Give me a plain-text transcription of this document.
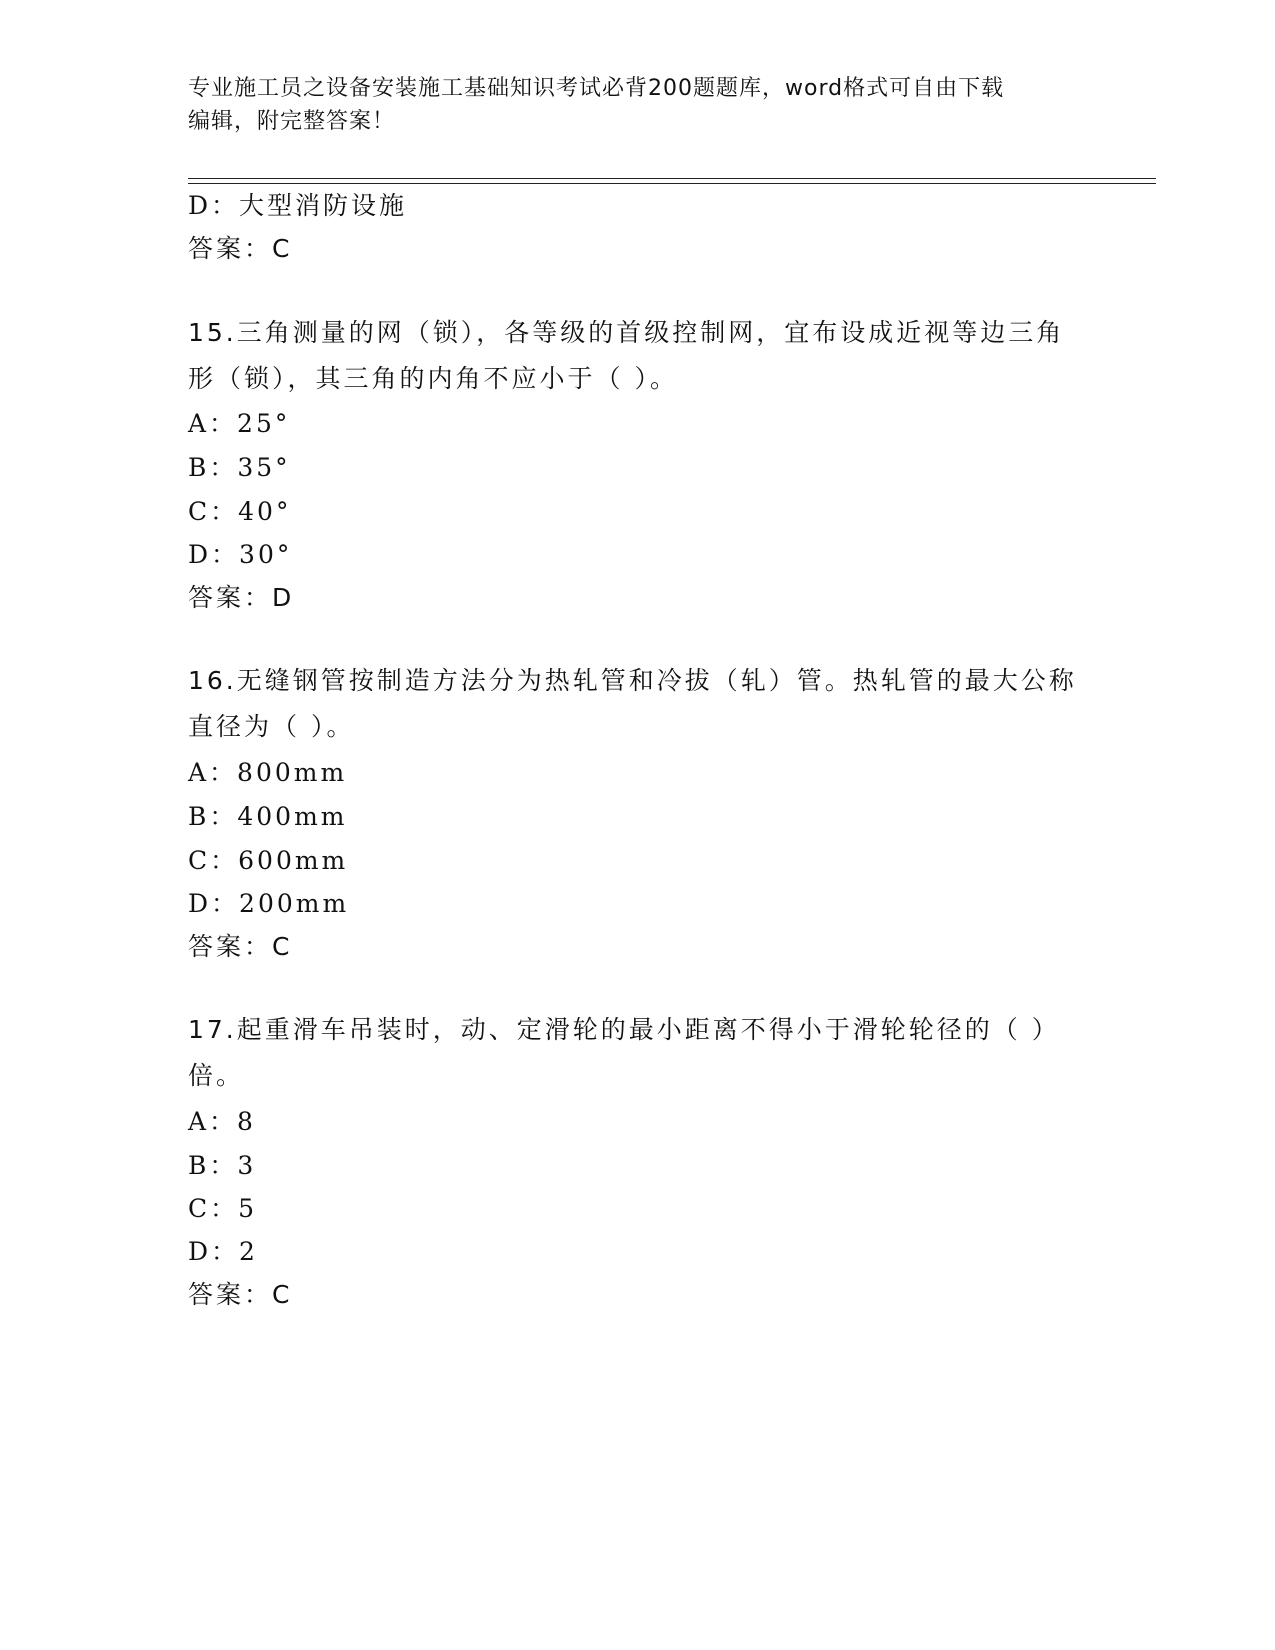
专业施工员之设备安装施工基础知识考试必背200题题库，word格式可自由下载
编辑，附完整答案！
D：大型消防设施
答案：C
15.三角测量的网（锁），各等级的首级控制网，宜布设成近视等边三角形（锁），其三角的内角不应小于（ ）。
A：25°
B：35°
C：40°
D：30°
答案：D
16.无缝钢管按制造方法分为热轧管和冷拔（轧）管。热轧管的最大公称直径为（ ）。
A：800mm
B：400mm
C：600mm
D：200mm
答案：C
17.起重滑车吊装时，动、定滑轮的最小距离不得小于滑轮轮径的（ ）倍。
A：8
B：3
C：5
D：2
答案：C
